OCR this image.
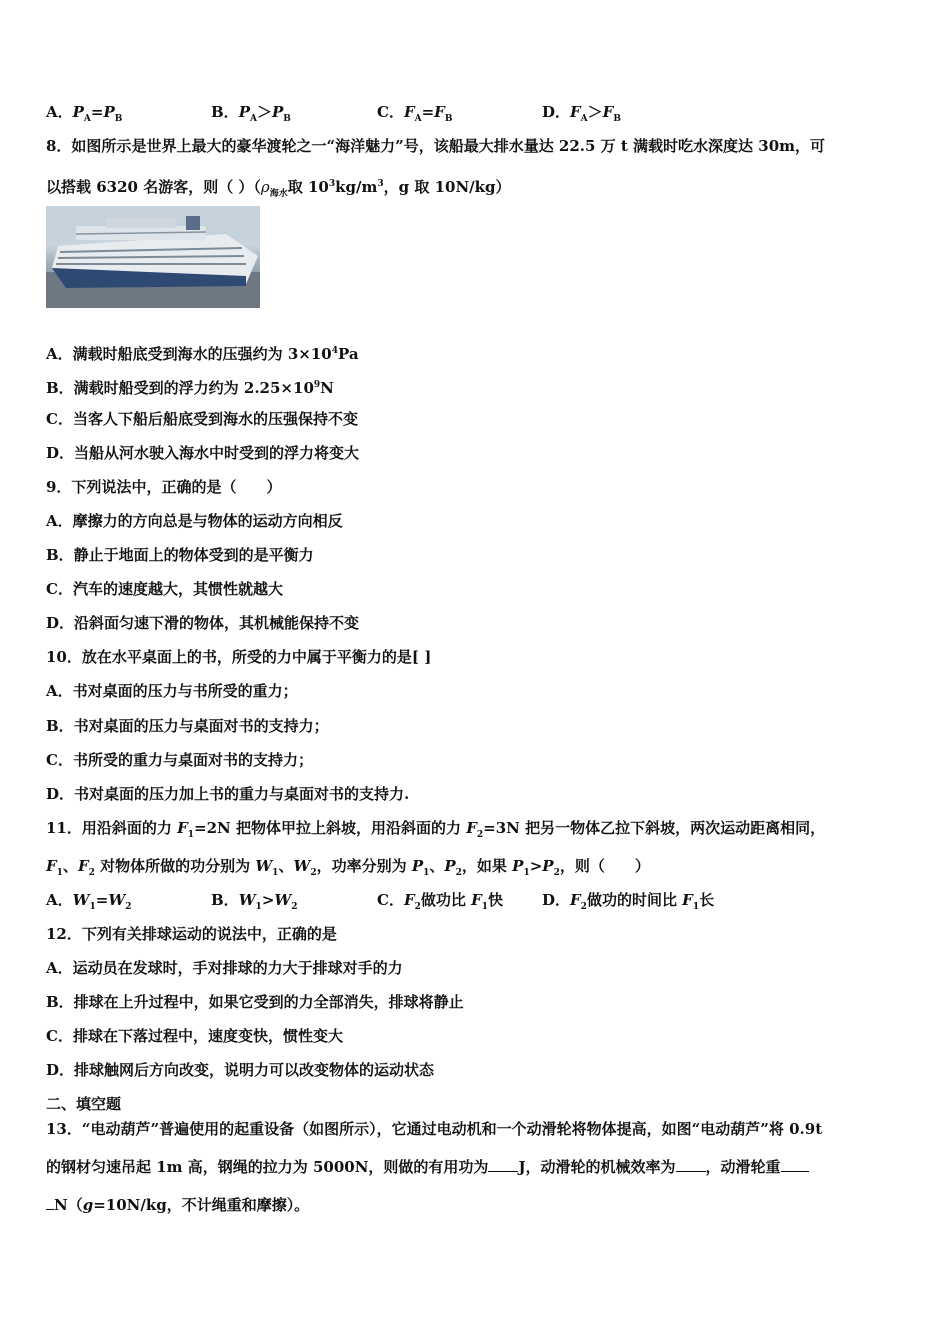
A．$P_A=P_B$	B．$P_A>P_B$	C．$F_A=F_B$	D．$F_A>F_B$
8．如图所示是世界上最大的豪华渡轮之一“海洋魅力”号，该船最大排水量达 22.5 万 t 满载时吃水深度达 30m，可
以搭载 6320 名游客，则（ ）（$\rho_{海水}$取 $10^3kg/m^3$，g 取 10N/kg）
A．满载时船底受到海水的压强约为 $3\times 10^4Pa$
B．满载时船受到的浮力约为 $2.25\times 10^9N$
C．当客人下船后船底受到海水的压强保持不变
D．当船从河水驶入海水中时受到的浮力将变大
9．下列说法中，正确的是（　　）
A．摩擦力的方向总是与物体的运动方向相反
B．静止于地面上的物体受到的是平衡力
C．汽车的速度越大，其惯性就越大
D．沿斜面匀速下滑的物体，其机械能保持不变
10．放在水平桌面上的书，所受的力中属于平衡力的是[ ]
A．书对桌面的压力与书所受的重力；
B．书对桌面的压力与桌面对书的支持力；
C．书所受的重力与桌面对书的支持力；
D．书对桌面的压力加上书的重力与桌面对书的支持力.
11．用沿斜面的力 $F_1=2N$ 把物体甲拉上斜坡，用沿斜面的力 $F_2=3N$ 把另一物体乙拉下斜坡，两次运动距离相同，
$F_1$、$F_2$ 对物体所做的功分别为 $W_1$、$W_2$，功率分别为 $P_1$、$P_2$，如果 $P_1>P_2$，则（　　）
A．$W_1=W_2$	B．$W_1>W_2$	C．$F_2$做功比 $F_1$快	D．$F_2$做功的时间比 $F_1$长
12．下列有关排球运动的说法中，正确的是
A．运动员在发球时，手对排球的力大于排球对手的力
B．排球在上升过程中，如果它受到的力全部消失，排球将静止
C．排球在下落过程中，速度变快，惯性变大
D．排球触网后方向改变，说明力可以改变物体的运动状态
二、填空题
13．“电动葫芦”普遍使用的起重设备（如图所示），它通过电动机和一个动滑轮将物体提高，如图“电动葫芦”将 0.9t
的钢材匀速吊起 1m 高，钢绳的拉力为 5000N，则做的有用功为 J，动滑轮的机械效率为 ，动滑轮重
N（g=10N/kg，不计绳重和摩擦）。
